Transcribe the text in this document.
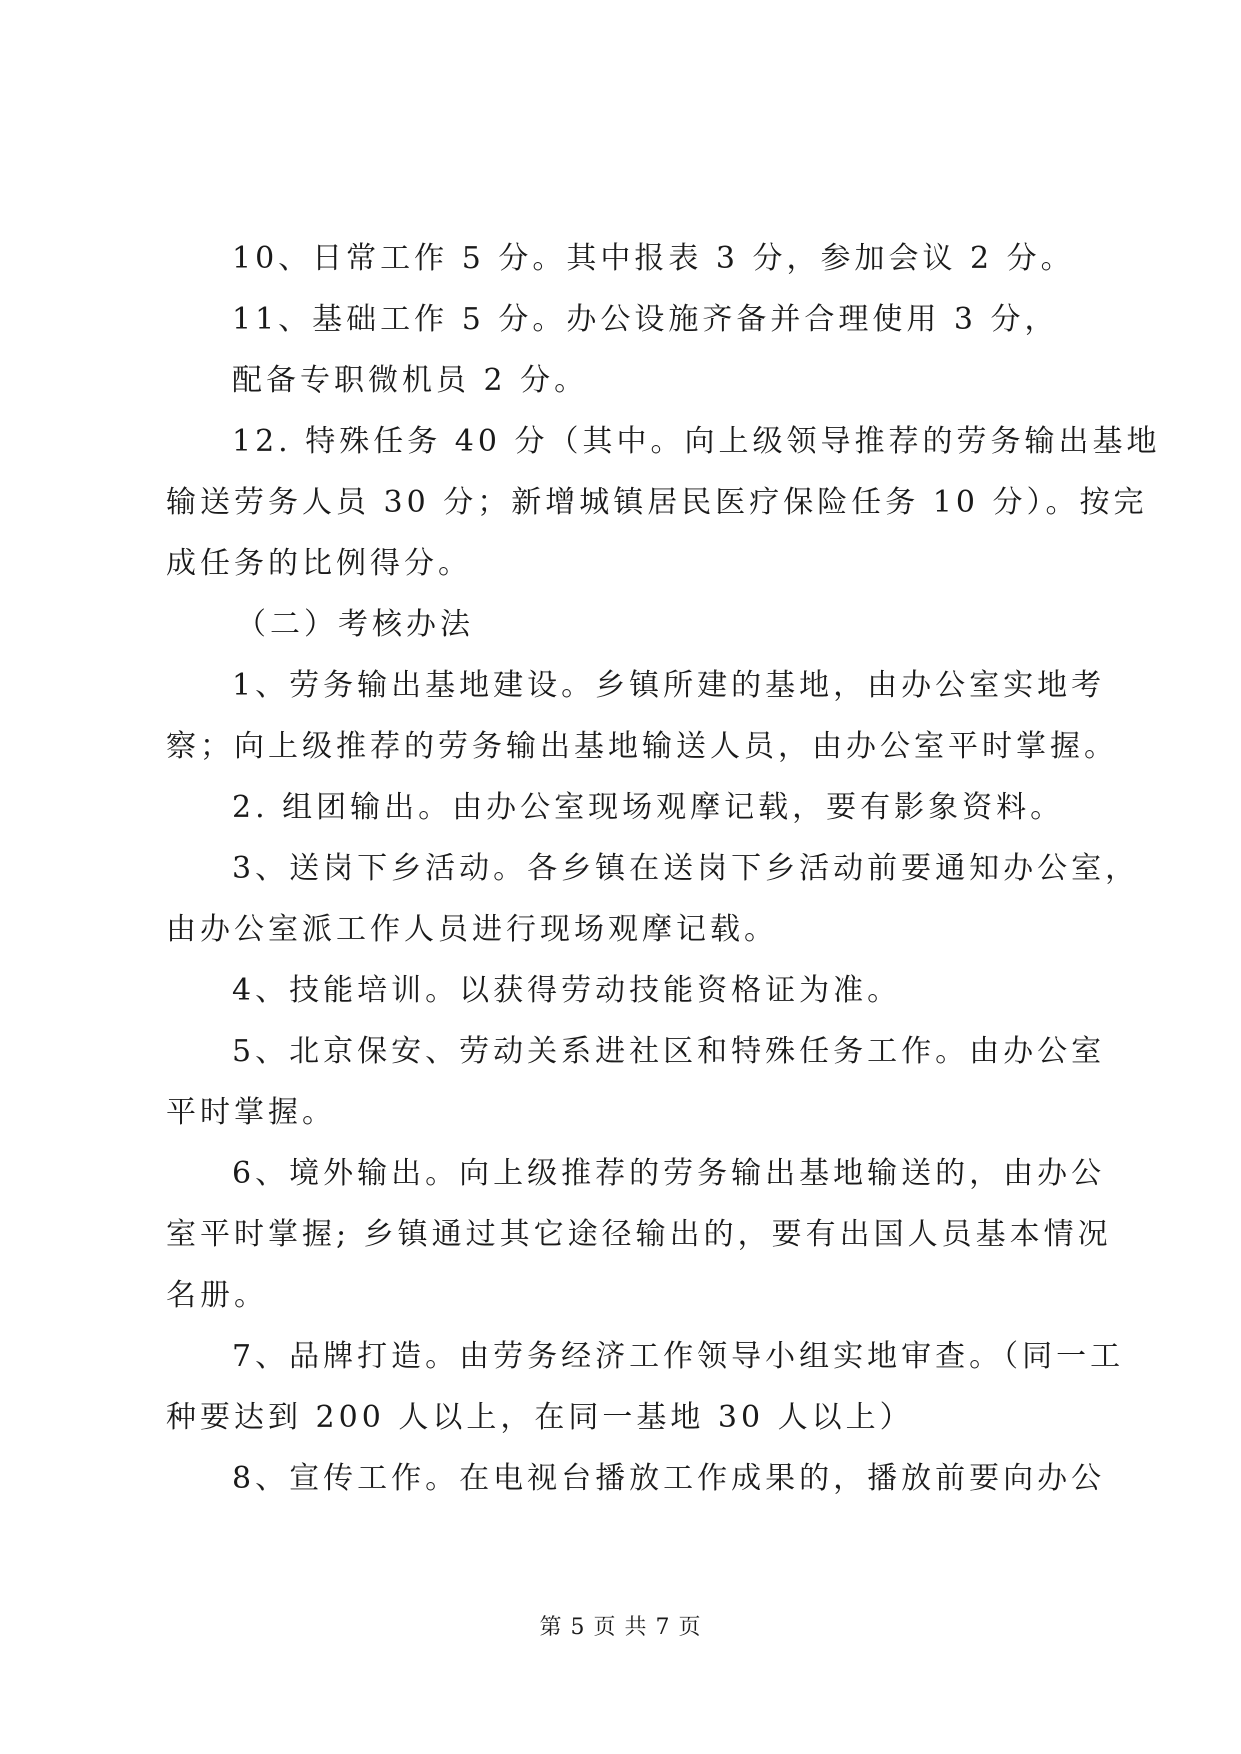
10、日常工作 5 分。其中报表 3 分，参加会议 2 分。
11、基础工作 5 分。办公设施齐备并合理使用 3 分，
配备专职微机员 2 分。
12. 特殊任务 40 分（其中。向上级领导推荐的劳务输出基地
输送劳务人员 30 分；新增城镇居民医疗保险任务 10 分）。按完
成任务的比例得分。
（二）考核办法
1、劳务输出基地建设。乡镇所建的基地，由办公室实地考
察；向上级推荐的劳务输出基地输送人员，由办公室平时掌握。
2. 组团输出。由办公室现场观摩记载，要有影象资料。
3、送岗下乡活动。各乡镇在送岗下乡活动前要通知办公室，
由办公室派工作人员进行现场观摩记载。
4、技能培训。以获得劳动技能资格证为准。
5、北京保安、劳动关系进社区和特殊任务工作。由办公室
平时掌握。
6、境外输出。向上级推荐的劳务输出基地输送的，由办公
室平时掌握; 乡镇通过其它途径输出的，要有出国人员基本情况
名册。
7、品牌打造。由劳务经济工作领导小组实地审查。（同一工
种要达到 200 人以上，在同一基地 30 人以上）
8、宣传工作。在电视台播放工作成果的，播放前要向办公
第 5 页 共 7 页
